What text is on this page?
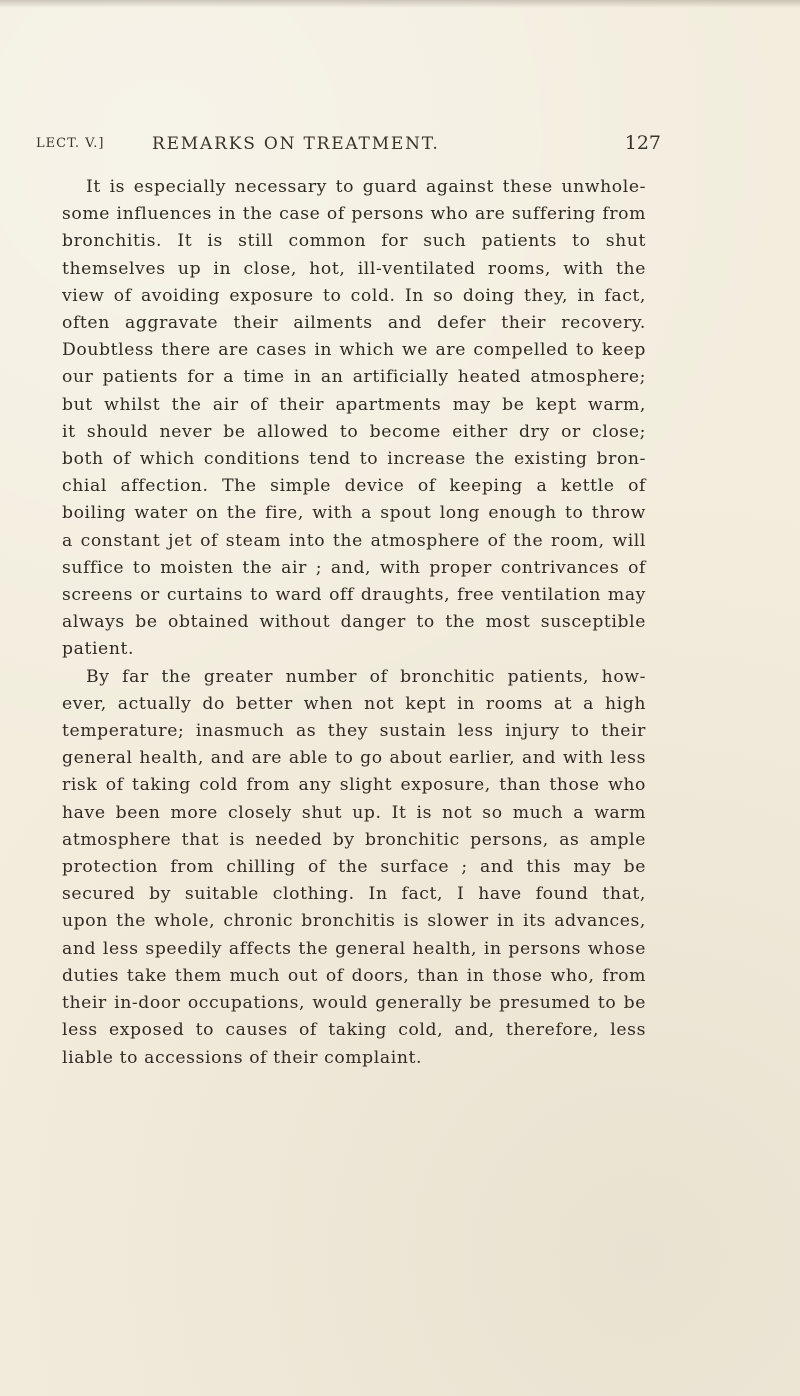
LECT. V.]	REMARKS ON TREATMENT.	127
It is especially necessary to guard against these unwhole-
some influences in the case of persons who are suffering from
bronchitis. It is still common for such patients to shut
themselves up in close, hot, ill-ventilated rooms, with the
view of avoiding exposure to cold. In so doing they, in fact,
often aggravate their ailments and defer their recovery.
Doubtless there are cases in which we are compelled to keep
our patients for a time in an artificially heated atmosphere;
but whilst the air of their apartments may be kept warm,
it should never be allowed to become either dry or close;
both of which conditions tend to increase the existing bron-
chial affection. The simple device of keeping a kettle of
boiling water on the fire, with a spout long enough to throw
a constant jet of steam into the atmosphere of the room, will
suffice to moisten the air ; and, with proper contrivances of
screens or curtains to ward off draughts, free ventilation may
always be obtained without danger to the most susceptible
patient.
By far the greater number of bronchitic patients, how-
ever, actually do better when not kept in rooms at a high
temperature; inasmuch as they sustain less injury to their
general health, and are able to go about earlier, and with less
risk of taking cold from any slight exposure, than those who
have been more closely shut up. It is not so much a warm
atmosphere that is needed by bronchitic persons, as ample
protection from chilling of the surface ; and this may be
secured by suitable clothing. In fact, I have found that,
upon the whole, chronic bronchitis is slower in its advances,
and less speedily affects the general health, in persons whose
duties take them much out of doors, than in those who, from
their in-door occupations, would generally be presumed to be
less exposed to causes of taking cold, and, therefore, less
liable to accessions of their complaint.
